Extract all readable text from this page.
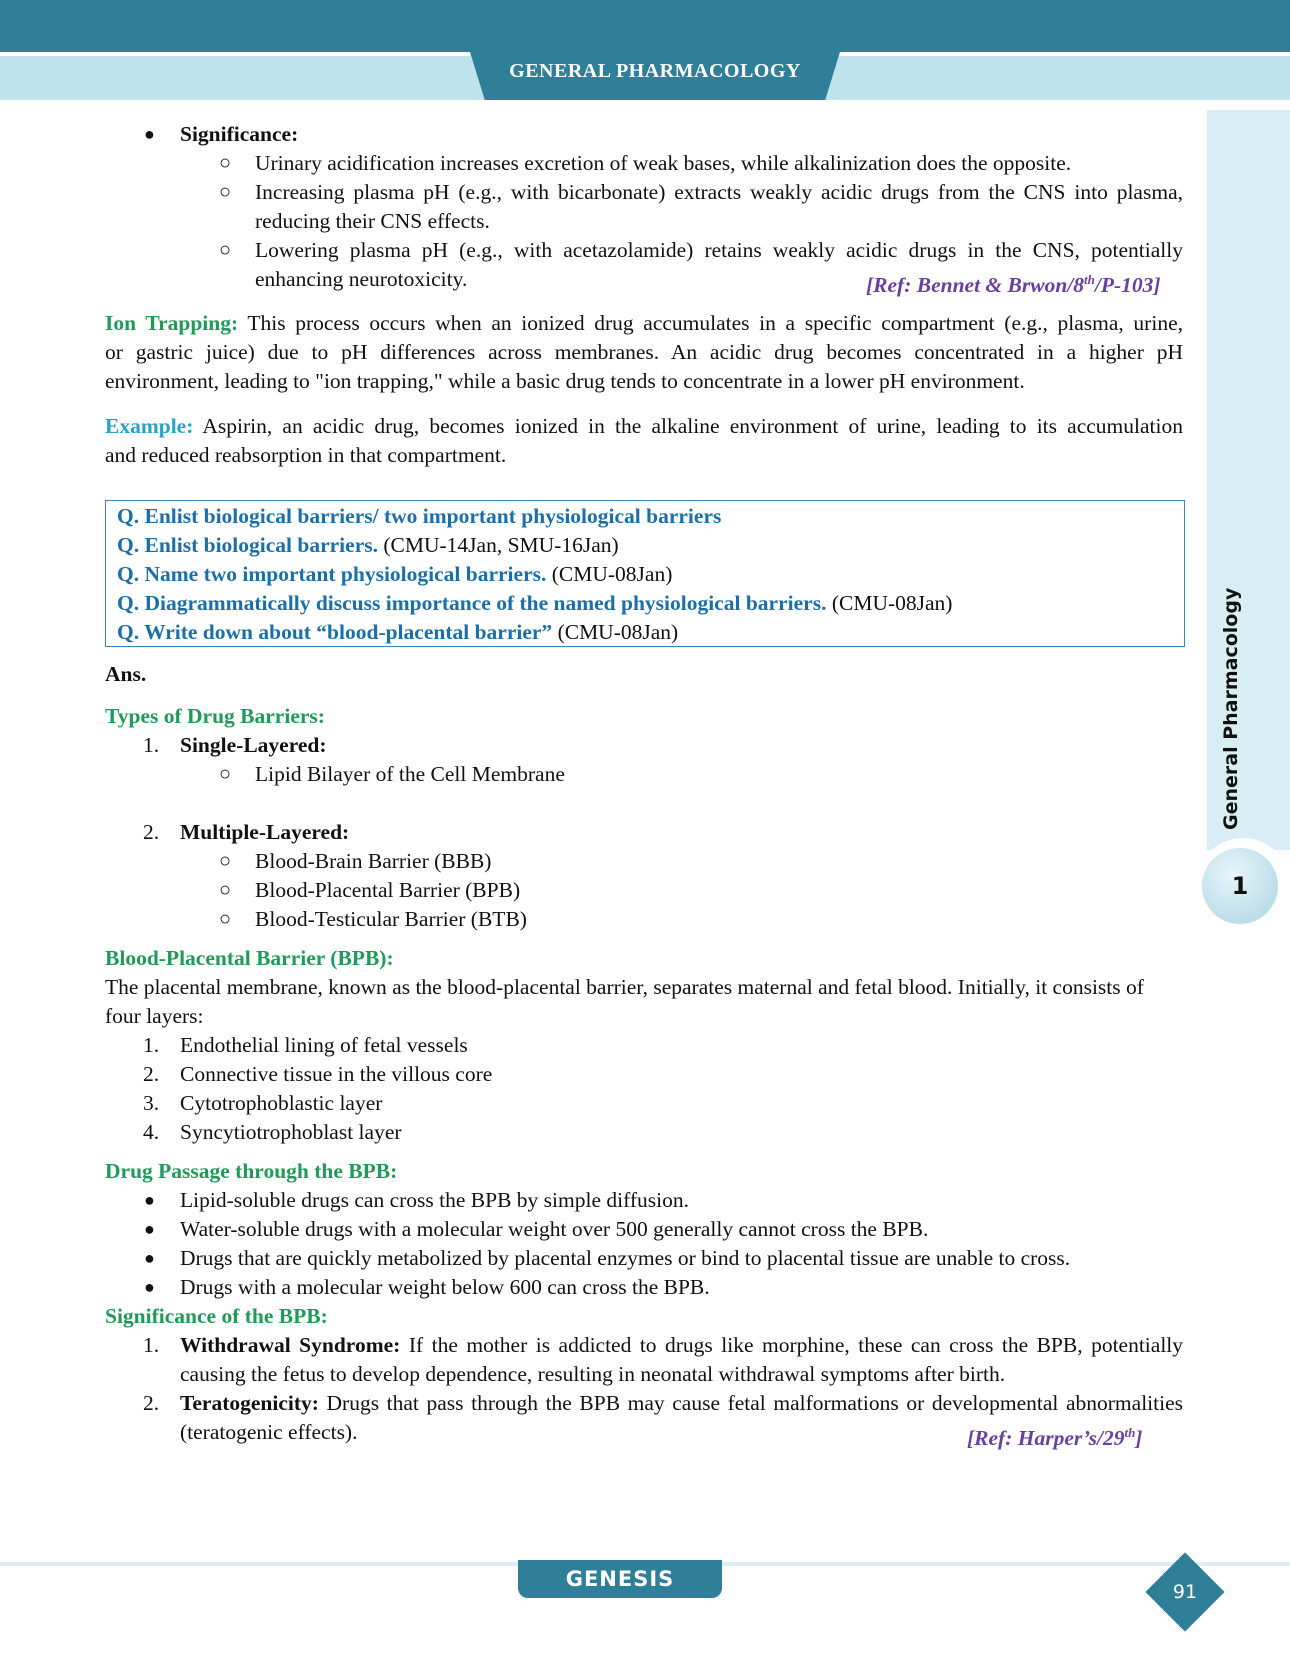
GENERAL PHARMACOLOGY
General Pharmacology
1
● Significance:
○ Urinary acidification increases excretion of weak bases, while alkalinization does the opposite.
○ Increasing plasma pH (e.g., with bicarbonate) extracts weakly acidic drugs from the CNS into plasma,
reducing their CNS effects.
○ Lowering plasma pH (e.g., with acetazolamide) retains weakly acidic drugs in the CNS, potentially
enhancing neurotoxicity.	[Ref: Bennet & Brwon/8th/P-103]
Ion Trapping: This process occurs when an ionized drug accumulates in a specific compartment (e.g., plasma, urine,
or gastric juice) due to pH differences across membranes. An acidic drug becomes concentrated in a higher pH
environment, leading to "ion trapping," while a basic drug tends to concentrate in a lower pH environment.
Example: Aspirin, an acidic drug, becomes ionized in the alkaline environment of urine, leading to its accumulation
and reduced reabsorption in that compartment.
Q. Enlist biological barriers/ two important physiological barriers
Q. Enlist biological barriers. (CMU-14Jan, SMU-16Jan)
Q. Name two important physiological barriers. (CMU-08Jan)
Q. Diagrammatically discuss importance of the named physiological barriers. (CMU-08Jan)
Q. Write down about “blood-placental barrier” (CMU-08Jan)
Ans.
Types of Drug Barriers:
1. Single-Layered:
○ Lipid Bilayer of the Cell Membrane
2. Multiple-Layered:
○ Blood-Brain Barrier (BBB)
○ Blood-Placental Barrier (BPB)
○ Blood-Testicular Barrier (BTB)
Blood-Placental Barrier (BPB):
The placental membrane, known as the blood-placental barrier, separates maternal and fetal blood. Initially, it consists of
four layers:
1. Endothelial lining of fetal vessels
2. Connective tissue in the villous core
3. Cytotrophoblastic layer
4. Syncytiotrophoblast layer
Drug Passage through the BPB:
● Lipid-soluble drugs can cross the BPB by simple diffusion.
● Water-soluble drugs with a molecular weight over 500 generally cannot cross the BPB.
● Drugs that are quickly metabolized by placental enzymes or bind to placental tissue are unable to cross.
● Drugs with a molecular weight below 600 can cross the BPB.
Significance of the BPB:
1. Withdrawal Syndrome: If the mother is addicted to drugs like morphine, these can cross the BPB, potentially
causing the fetus to develop dependence, resulting in neonatal withdrawal symptoms after birth.
2. Teratogenicity: Drugs that pass through the BPB may cause fetal malformations or developmental abnormalities
(teratogenic effects).	[Ref: Harper’s/29th]
GENESIS
91
